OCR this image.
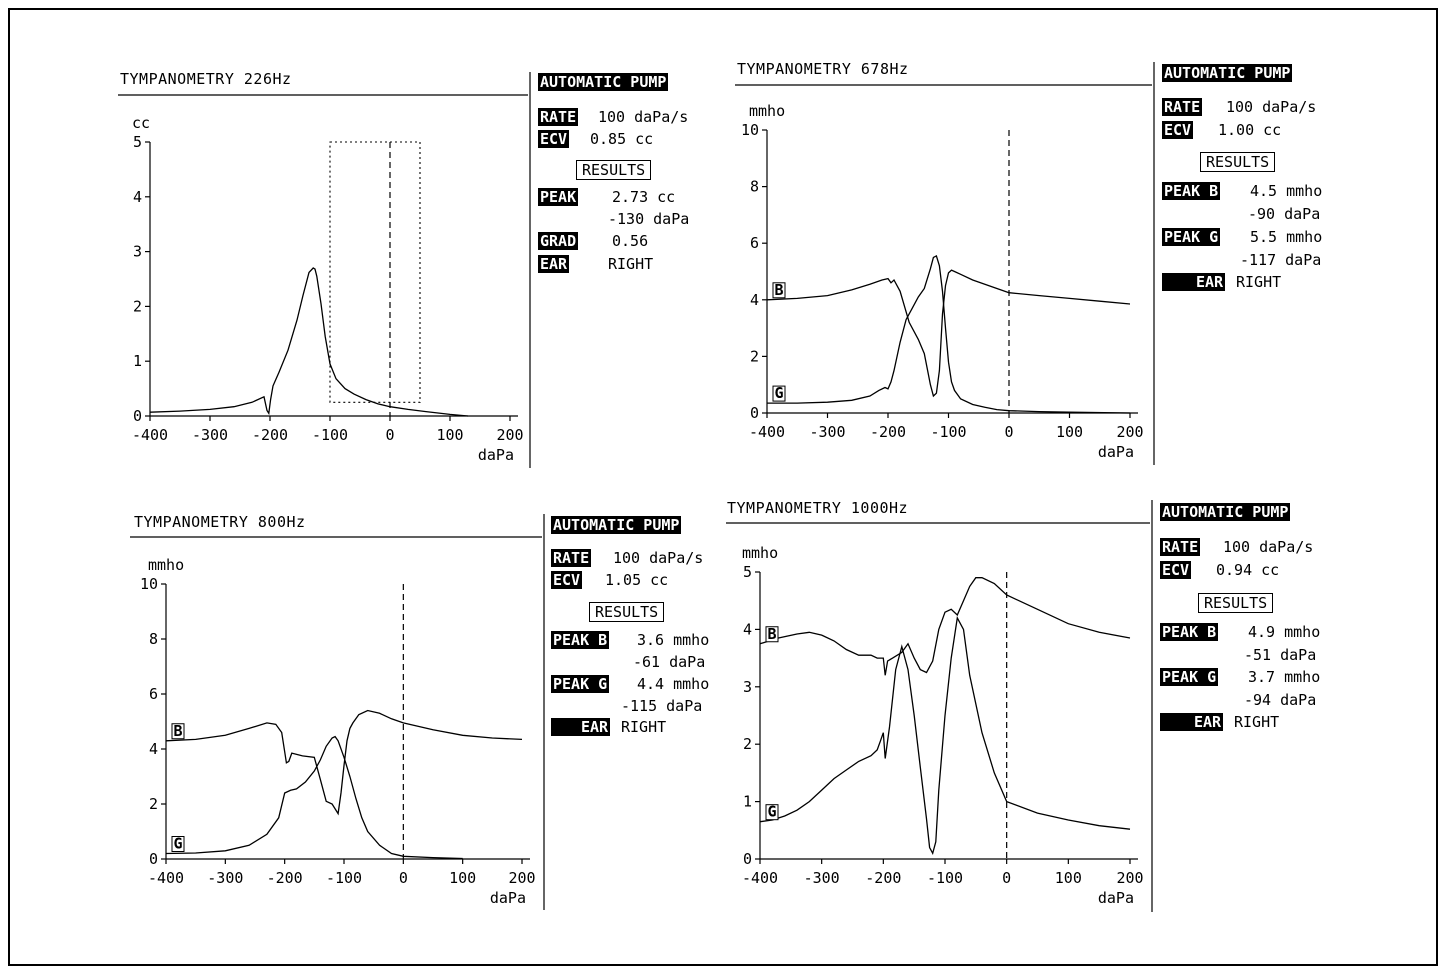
TYMPANOMETRY 226Hz
0
1
2
3
4
5
-400 -300 -200 -100 0	100 200
cc
daPa
AUTOMATIC PUMP
RATE 100 daPa/s
ECV 0.85 cc
RESULTS
PEAK 2.73 cc
-130 daPa
GRAD 0.56
EAR	RIGHT
TYMPANOMETRY 678Hz
0
2
4
6
8
10
-400 -300 -200 -100	0	100 200
mmho
daPa
B
G
AUTOMATIC PUMP
RATE 100 daPa/s
ECV 1.00 cc
RESULTS
PEAK B 4.5 mmho
-90 daPa
PEAK G 5.5 mmho
-117 daPa
EAR RIGHT
TYMPANOMETRY 800Hz
0
2
4
6
8
10
-400 -300 -200 -100 0	100 200
mmho
daPa
B
G
AUTOMATIC PUMP
RATE 100 daPa/s
ECV 1.05 cc
RESULTS
PEAK B 3.6 mmho
-61 daPa
PEAK G 4.4 mmho
-115 daPa
EAR RIGHT
TYMPANOMETRY 1000Hz
0
1
2
3
4
5
-400 -300 -200 -100	0	100 200
mmho
daPa
B
G
AUTOMATIC PUMP
RATE 100 daPa/s
ECV 0.94 cc
RESULTS
PEAK B 4.9 mmho
-51 daPa
PEAK G 3.7 mmho
-94 daPa
EAR RIGHT
